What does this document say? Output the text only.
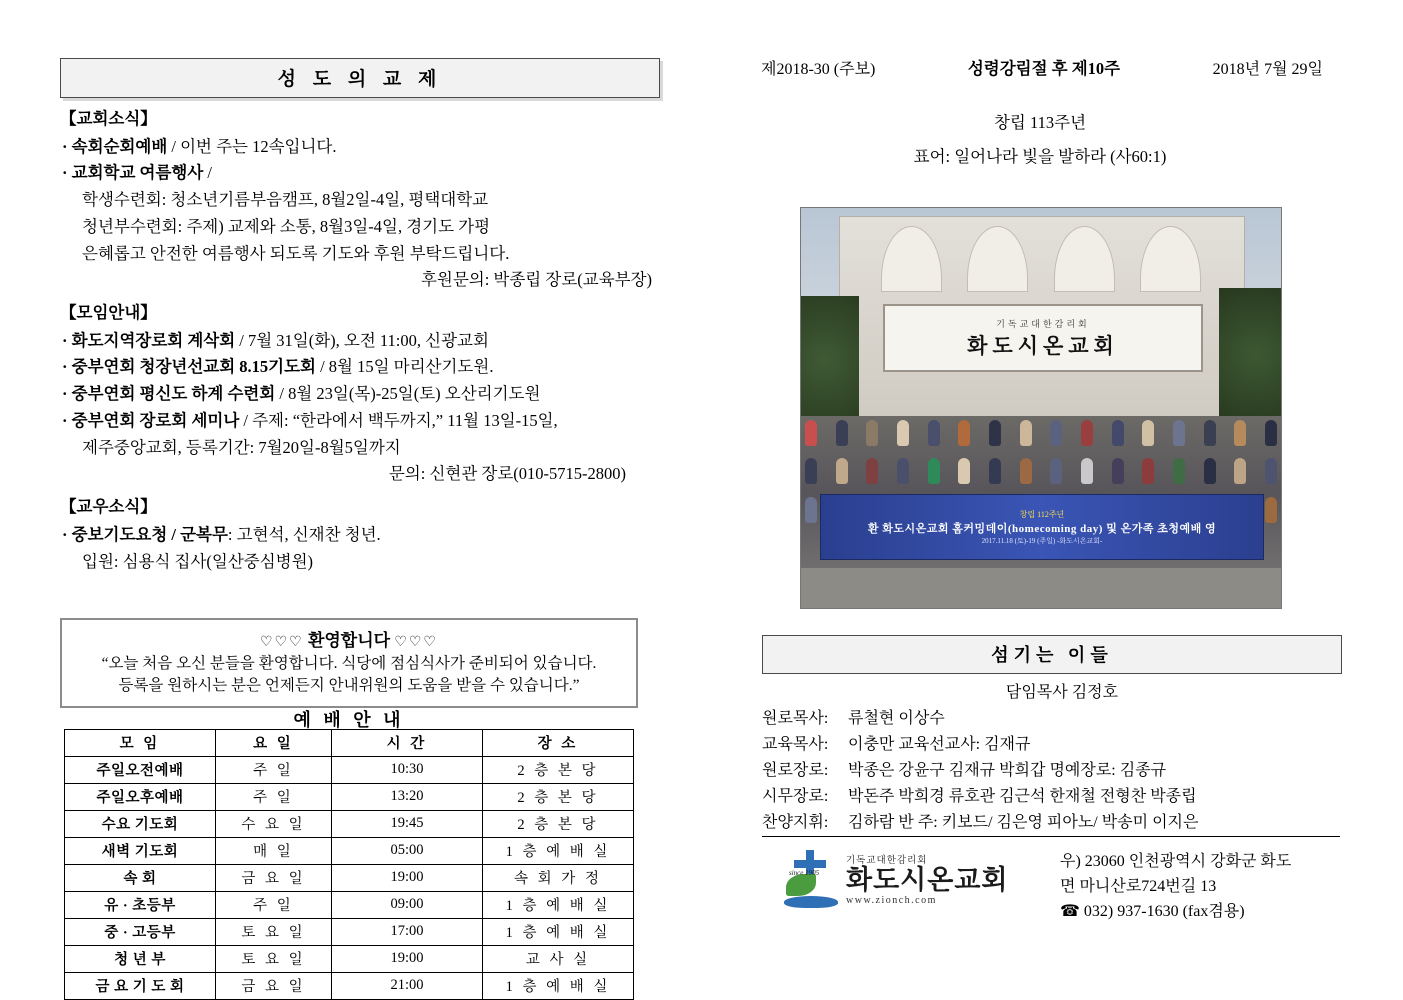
성 도 의 교 제
【교회소식】
· 속회순회예배 / 이번 주는 12속입니다.
· 교회학교 여름행사 /
학생수련회: 청소년기름부음캠프, 8월2일-4일, 평택대학교
청년부수련회: 주제) 교제와 소통, 8월3일-4일, 경기도 가평
은혜롭고 안전한 여름행사 되도록 기도와 후원 부탁드립니다.
후원문의: 박종립 장로(교육부장)
【모임안내】
· 화도지역장로회 계삭회 / 7월 31일(화), 오전 11:00, 신광교회
· 중부연회 청장년선교회 8.15기도회 / 8월 15일 마리산기도원.
· 중부연회 평신도 하계 수련회 / 8월 23일(목)-25일(토) 오산리기도원
· 중부연회 장로회 세미나 / 주제: “한라에서 백두까지,” 11월 13일-15일,
제주중앙교회, 등록기간: 7월20일-8월5일까지
문의: 신현관 장로(010-5715-2800)
【교우소식】
· 중보기도요청 / 군복무: 고현석, 신재찬 청년.
입원: 심용식 집사(일산중심병원)
♡♡♡ 환영합니다 ♡♡♡
“오늘 처음 오신 분들을 환영합니다. 식당에 점심식사가 준비되어 있습니다.
등록을 원하시는 분은 언제든지 안내위원의 도움을 받을 수 있습니다.”
예 배 안 내
모 임	요 일	시 간	장 소
주일오전예배	주 일	10:30	2 층 본 당
주일오후예배	주 일	13:20	2 층 본 당
수요 기도회	수 요 일	19:45	2 층 본 당
새벽 기도회	매 일	05:00	1 층 예 배 실
속 회	금 요 일	19:00	속 회 가 정
유 · 초등부	주 일	09:00	1 층 예 배 실
중 · 고등부	토 요 일	17:00	1 층 예 배 실
청 년 부	토 요 일	19:00	교 사 실
금 요 기 도 회	금 요 일	21:00	1 층 예 배 실
제2018-30 (주보)	성령강림절 후 제10주	2018년 7월 29일
창립 113주년
표어: 일어나라 빛을 발하라 (사60:1)
기독교대한감리회
화도시온교회
창립 112주년
환 화도시온교회 홈커밍데이(homecoming day) 및 온가족 초청예배 영
2017.11.18 (토)-19 (주일) -화도시온교회-
섬기는 이들
담임목사 김정호
원로목사: 류철현 이상수
교육목사: 이충만 교육선교사: 김재규
원로장로: 박종은 강윤구 김재규 박희갑 명예장로: 김종규
시무장로: 박돈주 박희경 류호관 김근석 한재철 전형찬 박종립
찬양지휘: 김하람 반 주: 키보드/ 김은영 피아노/ 박송미 이지은
since 1905
기독교대한감리회
화도시온교회
www.zionch.com
우) 23060 인천광역시 강화군 화도
면 마니산로724번길 13
☎ 032) 937-1630 (fax겸용)
